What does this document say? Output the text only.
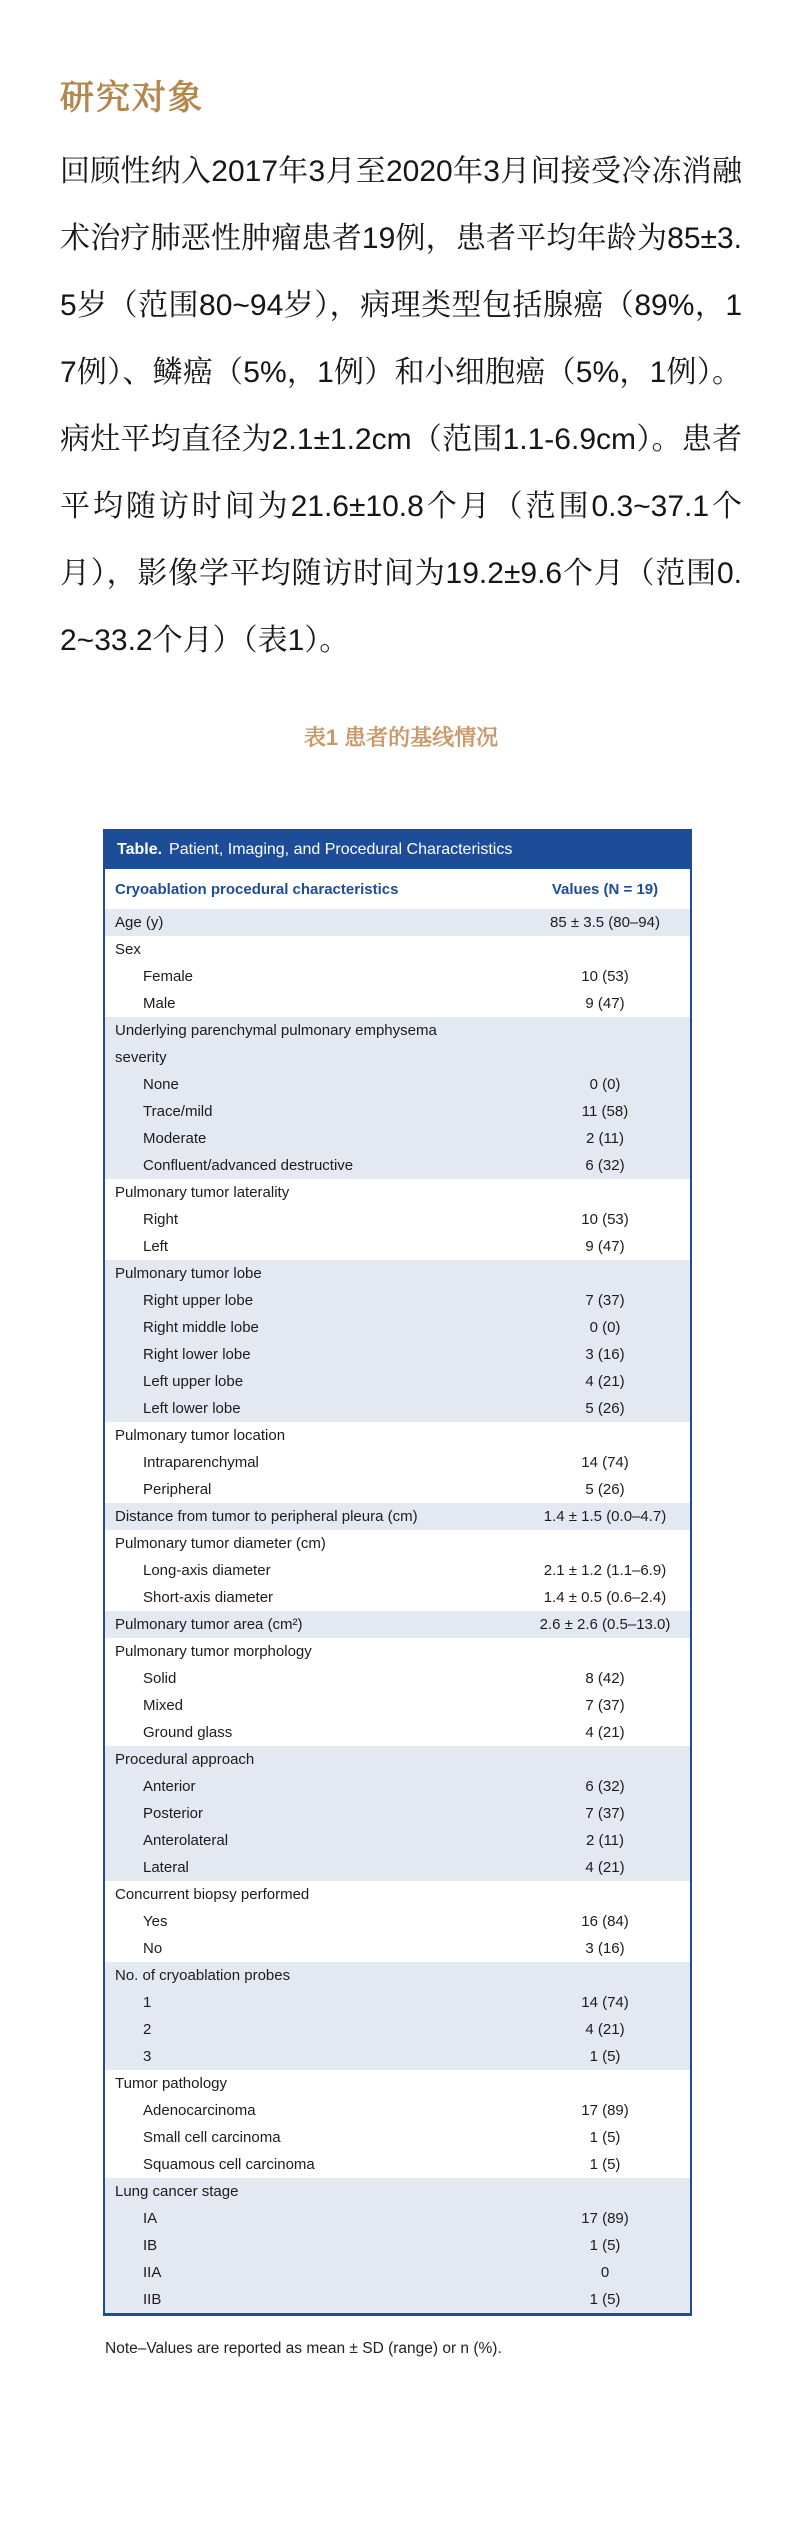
研究对象

回顾性纳入2017年3月至2020年3月间接受冷冻消融术治疗肺恶性肿瘤患者19例，患者平均年龄为85±3.5岁（范围80~94岁），病理类型包括腺癌（89%，17例）、鳞癌（5%，1例）和小细胞癌（5%，1例）。病灶平均直径为2.1±1.2cm（范围1.1-6.9cm）。患者平均随访时间为21.6±10.8个月（范围0.3~37.1个月），影像学平均随访时间为19.2±9.6个月（范围0.2~33.2个月）（表1）。

表1 患者的基线情况
Table. Patient, Imaging, and Procedural Characteristics
Cryoablation procedural characteristics	Values (N = 19)
Age (y)	85 ± 3.5 (80–94)
Sex
Female	10 (53)
Male	9 (47)
Underlying parenchymal pulmonary emphysema severity
None	0 (0)
Trace/mild	11 (58)
Moderate	2 (11)
Confluent/advanced destructive	6 (32)
Pulmonary tumor laterality
Right	10 (53)
Left	9 (47)
Pulmonary tumor lobe
Right upper lobe	7 (37)
Right middle lobe	0 (0)
Right lower lobe	3 (16)
Left upper lobe	4 (21)
Left lower lobe	5 (26)
Pulmonary tumor location
Intraparenchymal	14 (74)
Peripheral	5 (26)
Distance from tumor to peripheral pleura (cm)	1.4 ± 1.5 (0.0–4.7)
Pulmonary tumor diameter (cm)
Long-axis diameter	2.1 ± 1.2 (1.1–6.9)
Short-axis diameter	1.4 ± 0.5 (0.6–2.4)
Pulmonary tumor area (cm²)	2.6 ± 2.6 (0.5–13.0)
Pulmonary tumor morphology
Solid	8 (42)
Mixed	7 (37)
Ground glass	4 (21)
Procedural approach
Anterior	6 (32)
Posterior	7 (37)
Anterolateral	2 (11)
Lateral	4 (21)
Concurrent biopsy performed
Yes	16 (84)
No	3 (16)
No. of cryoablation probes
1	14 (74)
2	4 (21)
3	1 (5)
Tumor pathology
Adenocarcinoma	17 (89)
Small cell carcinoma	1 (5)
Squamous cell carcinoma	1 (5)
Lung cancer stage
IA	17 (89)
IB	1 (5)
IIA	0
IIB	1 (5)
Note–Values are reported as mean ± SD (range) or n (%).
